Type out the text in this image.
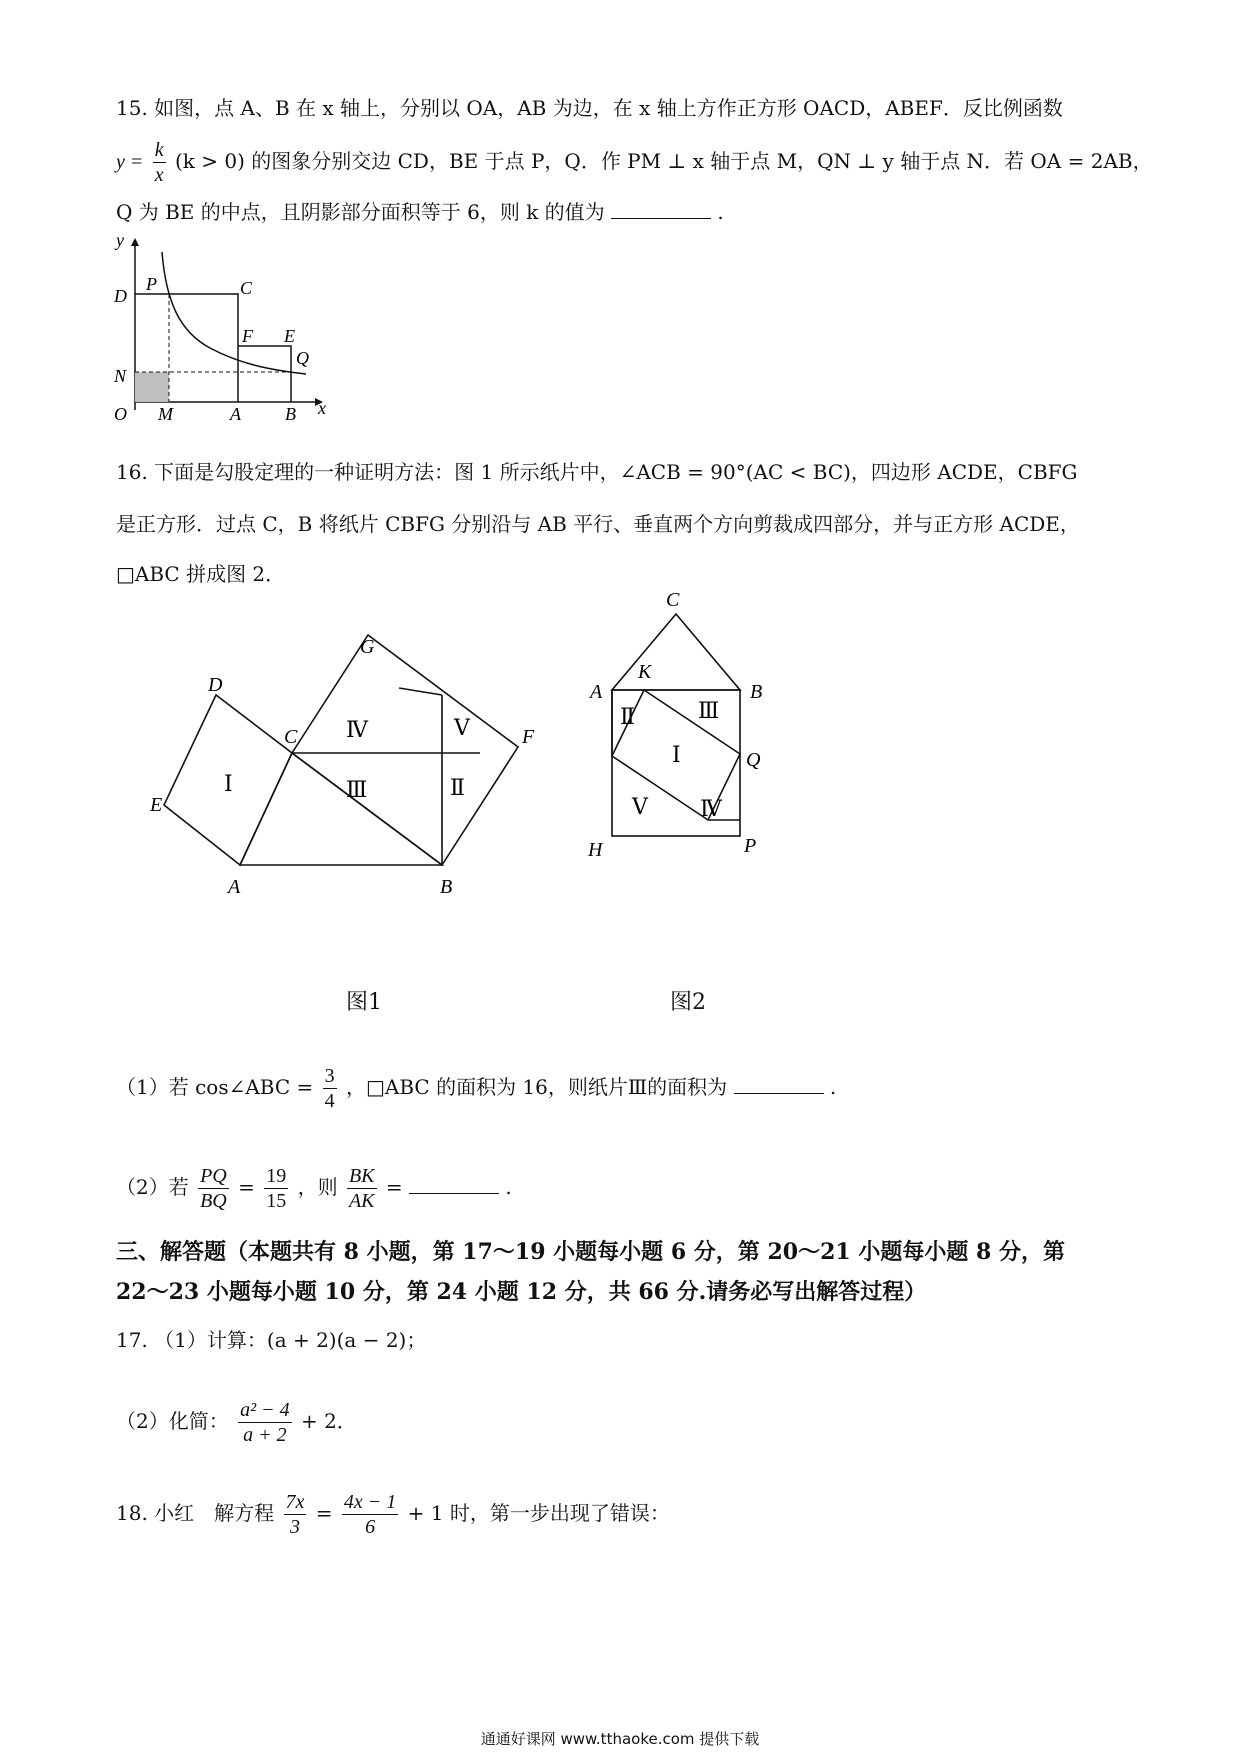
15. 如图，点 A、B 在 x 轴上，分别以 OA，AB 为边，在 x 轴上方作正方形 OACD，ABEF．反比例函数
$y = \frac{k}{x} (k > 0)$ 的图象分别交边 CD，BE 于点 P，Q．作 PM ⊥ x 轴于点 M，QN ⊥ y 轴于点 N．若 OA = 2AB，
Q 为 BE 的中点，且阴影部分面积等于 6，则 k 的值为	.
y
x
D
P	C
F E
Q
N
O M	A B
16. 下面是勾股定理的一种证明方法：图 1 所示纸片中，∠ACB = 90°(AC < BC)，四边形 ACDE，CBFG
是正方形．过点 C，B 将纸片 CBFG 分别沿与 AB 平行、垂直两个方向剪裁成四部分，并与正方形 ACDE，
□ABC 拼成图 2．
D
G
C
E
F
A	B
Ⅰ	Ⅱ
Ⅲ
Ⅳ	Ⅴ
A
C
K
B
Q
H	P
Ⅰ
Ⅱ	Ⅲ
Ⅳ
Ⅴ
图1	图2
（1）若 cos∠ABC = $\frac{3}{4}$ ，□ABC 的面积为 16，则纸片Ⅲ的面积为	.
（2）若 $\frac{PQ}{BQ} = \frac{19}{15}$ ，则 $\frac{BK}{AK}$ =	.
三、解答题（本题共有 8 小题，第 17～19 小题每小题 6 分，第 20～21 小题每小题 8 分，第
22～23 小题每小题 10 分，第 24 小题 12 分，共 66 分.请务必写出解答过程）
17. （1）计算：(a + 2)(a − 2)；
（2）化简： $\frac{\text{a² − 4}}{a + 2} + 2$．
18. 小红　解方程 $\frac{7x}{3} = \frac{4x - 1}{6} + 1$ 时，第一步出现了错误：
通通好课网 www.tthaoke.com 提供下载
